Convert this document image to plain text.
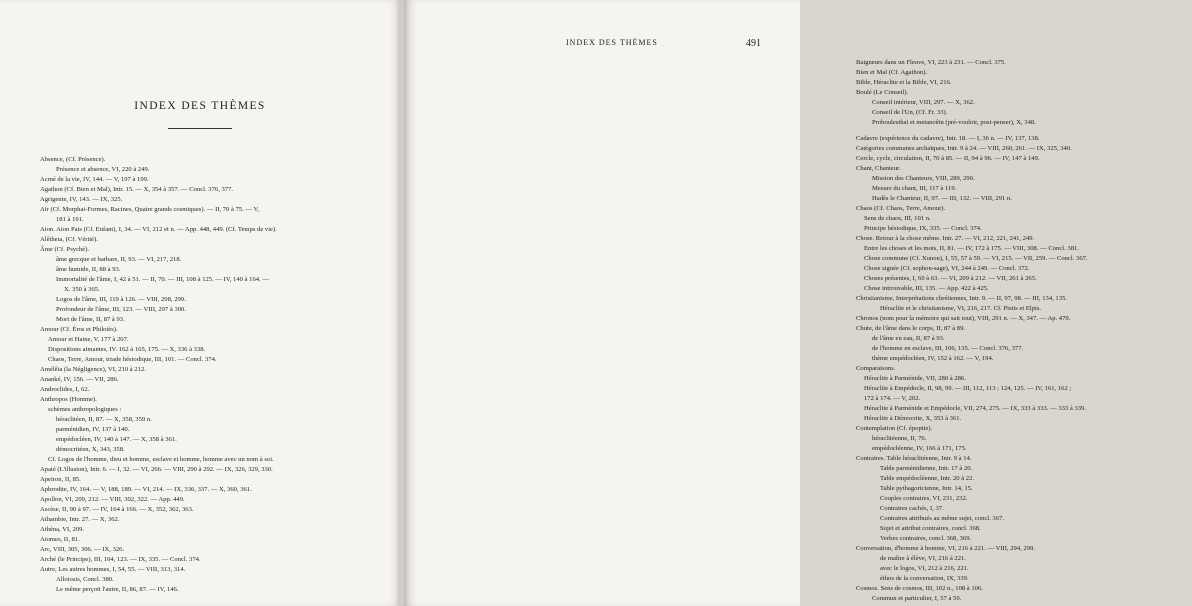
INDEX DES THÈMES
Absence, (Cf. Présence).
Présence et absence, VI, 220 à 249.
Acmé de la vie, IV, 144. — V, 197 à 199.
Agathon (Cf. Bien et Mal), Intr. 15. — X, 354 à 357. — Concl. 376, 377.
Agrigente, IV, 143. — IX, 325.
Air (Cf. Morphai-Formes, Racines, Quatre grands cosmiques). — II, 70 à 75. — V,
181 à 191.
Aion. Aion Pais (Cf. Enfant), I, 34. — VI, 212 et n. — App. 448, 449. (Cf. Temps de vie).
Alêtheia, (Cf. Vérité).
Âme (Cf. Psyché).
âme grecque et barbare, II, 93. — VI, 217, 218.
âme humide, II, 88 à 93.
Immortalité de l'âme, I, 42 à 51. — II, 70. — III, 108 à 125. — IV, 140 à 164. —
X. 350 à 365.
Logos de l'âme, III, 119 à 126. — VIII, 298, 299.
Profondeur de l'âme, III, 123. — VIII, 297 à 300.
Mort de l'âme, II, 87 à 93.
Amour (Cf. Éros et Philotès).
Amour et Haine, V, 177 à 207.
Dispositions aimantes, IV. 162 à 165, 175. — X, 336 à 338.
Chaos, Terre, Amour, triade hésiodique, III, 101. — Concl. 374.
Amélêia (la Négligence), VI, 210 à 212.
Ananké, IV, 156. — VII, 286.
Androclides, I, 62.
Anthropos (Homme).
schèmes anthropologiques :
héraclitéen, II, 87. — X, 358, 359 n.
parménidien, IV, 137 à 140.
empédocléen, IV, 140 à 147. — X, 358 à 361.
démocritéen, X, 343, 358.
Cf. Logos de l'homme, dieu et homme, esclave et homme, homme avec un nom à soi.
Apaté (L'illusion), Intr. 6. — I, 32. — VI, 266. — VIII, 290 à 292. — IX, 326, 329, 330.
Apeiron, II, 85.
Aphrodite, IV, 164. — V, 188, 189. — VI, 214. — IX, 336, 337. — X, 360, 361.
Apollon, VI, 209, 212. — VIII, 302, 322. — App. 449.
Ascèse, II, 90 à 97. — IV, 164 à 166. — X, 352, 362, 363.
Athambie, Intr. 27. — X, 362.
Athéna, VI, 209.
Atomes, II, 81.
Arc, VIII, 305, 306. — IX, 326.
Arché (le Principe), III, 104, 123. — IX, 335. — Concl. 374.
Autre, Les autres hommes, I, 54, 55. — VIII, 313, 314.
Alloiosis, Concl. 380.
Le même perçoit l'autre, II, 86, 87. — IV, 146.
Baigneurs dans un Fleuve, VI, 223 à 231. — Concl. 375.
Bien et Mal (Cf. Agathon).
Bible, Héraclite et la Bible, VI, 216.
Boulé (Le Conseil).
Conseil intérieur, VIII, 297. — X, 362.
Conseil de l'Un, (Cf. Fr. 33).
Proboulesthai et metanoêin (pré-vouloir, post-penser), X, 348.
Cadavre (expérience du cadavre), Intr. 18. — I, 36 n. — IV, 137, 138.
Catégories communes archaïques, Intr. 9 à 24. — VIII, 260, 261. — IX, 325, 340.
Cercle, cycle, circulation, II, 70 à 85. — II, 94 à 96. — IV, 147 à 149.
Chant, Chanteur.
Mission des Chanteurs, VIII, 289, 290.
Mesure du chant, III, 117 à 119.
Hadès le Chanteur, II, 97. — III, 132. — VIII, 291 n.
Chaos (Cf. Chaos, Terre, Amour).
Sens de chaos, III, 101 n.
Principe hésiodique, IX, 335. — Concl. 374.
Chose. Retour à la chose même. Intr. 27. — VI, 212, 221, 241, 249.
Entre les choses et les mots, II, 81. — IV, 172 à 175. — VIII, 308. — Concl. 381.
Chose commune (Cf. Xunon), I, 55, 57 à 59. — VI, 215. — VII, 259. — Concl. 367.
Chose signée (Cf. sophon-sage), VI, 244 à 249. — Concl. 372.
Choses présentes, I, 60 à 63. — VI, 209 à 212. — VII, 261 à 265.
Chose introuvable, III, 135. — App. 422 à 425.
Christianisme, Interprétations chrétiennes, Intr. 9. — II, 97, 98. — III, 134, 135.
Héraclite et le christianisme, VI, 216, 217. Cf. Pistis et Elpis.
Chronos (nom pour la mémoire qui sait tout), VIII, 291 n. — X, 347. — Ap. 479.
Chute, de l'âme dans le corps, II, 87 à 89.
de l'âme en eau, II, 87 à 93.
de l'homme en esclave, III, 106, 135. — Concl. 376, 377.
thème empédocléen, IV, 152 à 162. — V, 194.
Comparaisons.
Héraclite à Parménide, VII, 280 à 286.
Héraclite à Empédocle, II, 98, 99. — III, 112, 113 ; 124, 125. — IV, 161, 162 ;
172 à 174. — V, 202.
Héraclite à Parménide et Empédocle, VII, 274, 275. — IX, 333 à 333. — 333 à 339.
Héraclite à Démocrite, X, 353 à 361.
Contemplation (Cf. époptie).
héraclitéenne, II, 76.
empédocléenne, IV, 166 à 171, 175.
Contraires. Table héraclitéenne, Intr. 9 à 14.
Table parménidienne, Intr. 17 à 20.
Table empédocléenne, Intr. 20 à 22.
Table pythagoricienne, Intr. 14, 15.
Couples contraires, VI, 231, 232.
Contraires cachés, I, 37.
Contraires attribués au même sujet, concl. 367.
Sujet et attribut contraires, concl. 368.
Verbes contraires, concl. 368, 369.
Conversation, d'homme à homme, VI, 216 à 221. — VIII, 294, 299.
de maître à élève, VI, 216 à 221.
avec le logos, VI, 212 à 216, 221.
éthos de la conversation, IX, 339.
Cosmos. Sens de cosmos, III, 102 n., 108 à 106.
Commun et particulier, I, 57 à 59.
INDEX DES THÈMES	491
